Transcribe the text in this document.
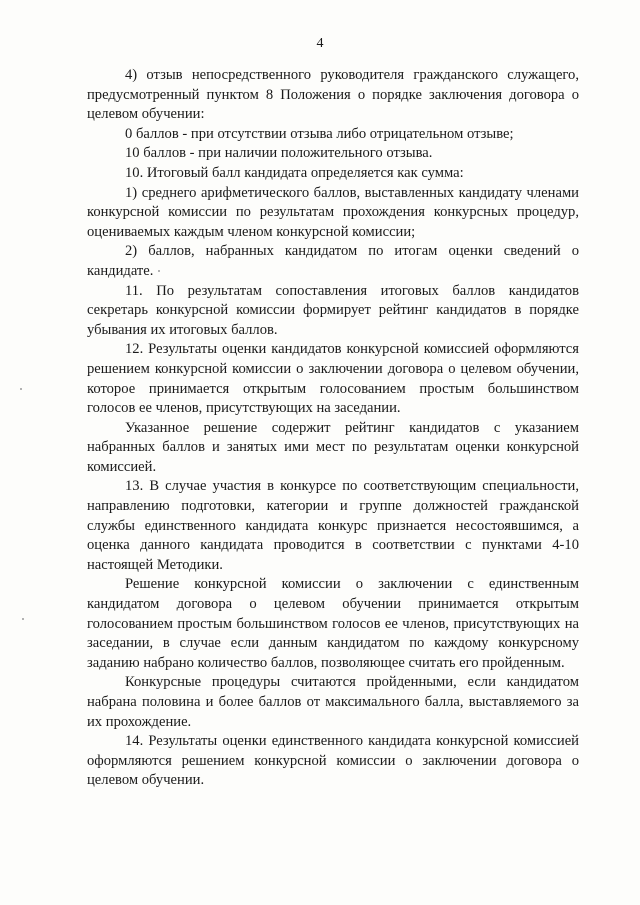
4

4) отзыв непосредственного руководителя гражданского служащего, предусмотренный пунктом 8 Положения о порядке заключения договора о целевом обучении:

0 баллов - при отсутствии отзыва либо отрицательном отзыве;

10 баллов - при наличии положительного отзыва.

10. Итоговый балл кандидата определяется как сумма:

1) среднего арифметического баллов, выставленных кандидату членами конкурсной комиссии по результатам прохождения конкурсных процедур, оцениваемых каждым членом конкурсной комиссии;

2) баллов, набранных кандидатом по итогам оценки сведений о кандидате.

11. По результатам сопоставления итоговых баллов кандидатов секретарь конкурсной комиссии формирует рейтинг кандидатов в порядке убывания их итоговых баллов.

12. Результаты оценки кандидатов конкурсной комиссией оформляются решением конкурсной комиссии о заключении договора о целевом обучении, которое принимается открытым голосованием простым большинством голосов ее членов, присутствующих на заседании.

Указанное решение содержит рейтинг кандидатов с указанием набранных баллов и занятых ими мест по результатам оценки конкурсной комиссией.

13. В случае участия в конкурсе по соответствующим специальности, направлению подготовки, категории и группе должностей гражданской службы единственного кандидата конкурс признается несостоявшимся, а оценка данного кандидата проводится в соответствии с пунктами 4-10 настоящей Методики.

Решение конкурсной комиссии о заключении с единственным кандидатом договора о целевом обучении принимается открытым голосованием простым большинством голосов ее членов, присутствующих на заседании, в случае если данным кандидатом по каждому конкурсному заданию набрано количество баллов, позволяющее считать его пройденным.

Конкурсные процедуры считаются пройденными, если кандидатом набрана половина и более баллов от максимального балла, выставляемого за их прохождение.

14. Результаты оценки единственного кандидата конкурсной комиссией оформляются решением конкурсной комиссии о заключении договора о целевом обучении.
